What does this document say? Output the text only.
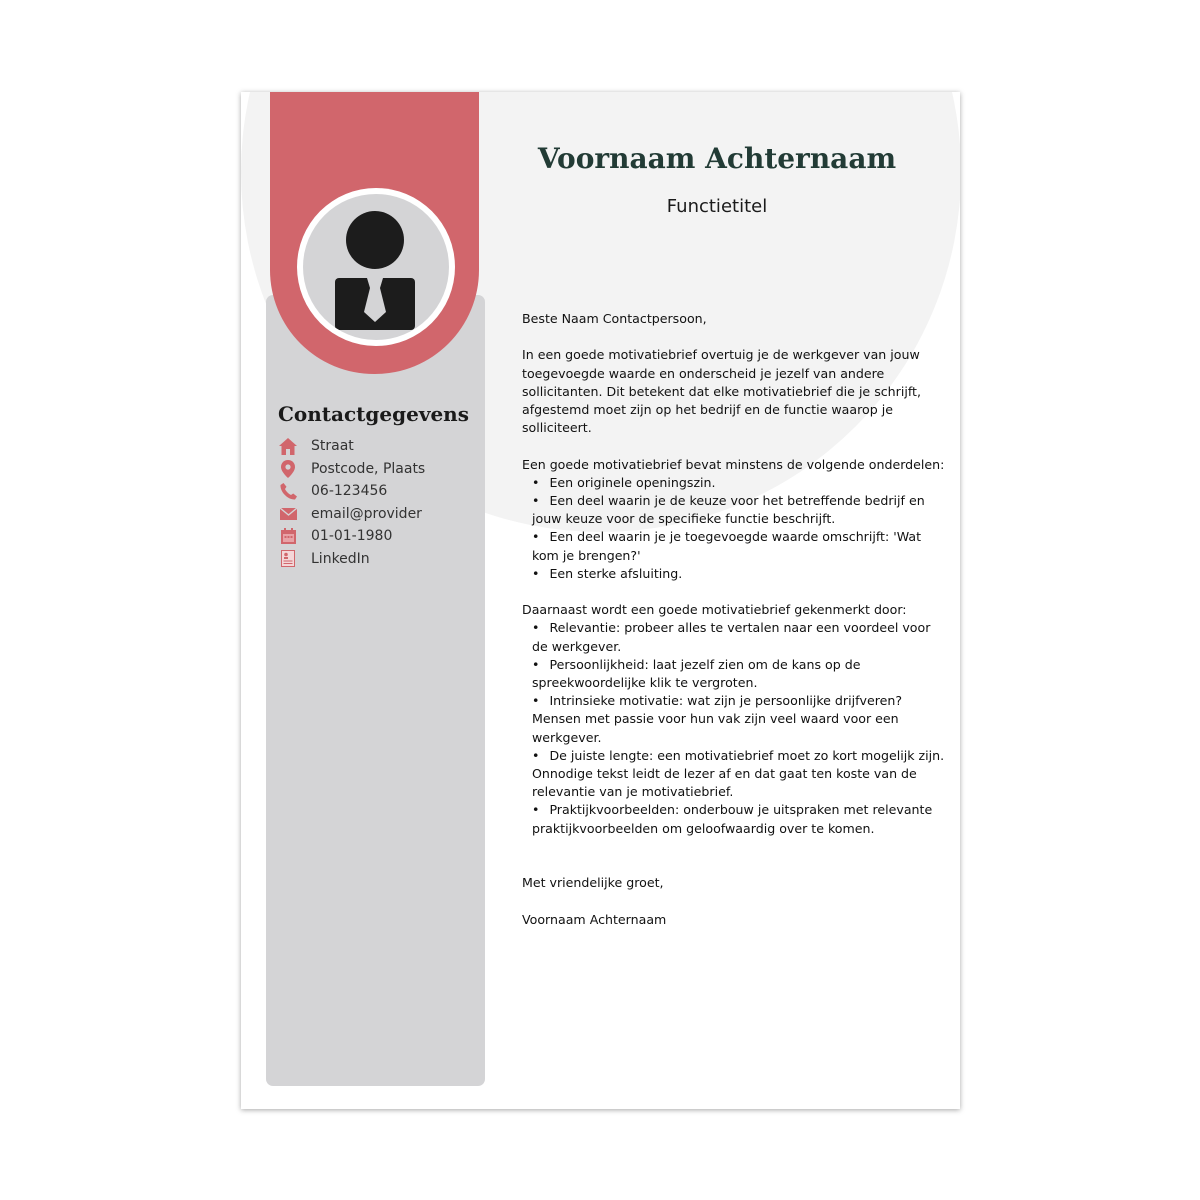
Contactgegevens
Straat
Postcode, Plaats
06-123456
email@provider
01-01-1980
LinkedIn
Voornaam Achternaam
Functietitel

Beste Naam Contactpersoon,

In een goede motivatiebrief overtuig je de werkgever van jouw toegevoegde waarde en onderscheid je jezelf van andere sollicitanten. Dit betekent dat elke motivatiebrief die je schrijft, afgestemd moet zijn op het bedrijf en de functie waarop je solliciteert.

Een goede motivatiebrief bevat minstens de volgende onderdelen:

• Een originele openingszin.
• Een deel waarin je de keuze voor het betreffende bedrijf en jouw keuze voor de specifieke functie beschrijft.
• Een deel waarin je je toegevoegde waarde omschrijft: 'Wat kom je brengen?'
• Een sterke afsluiting.

Daarnaast wordt een goede motivatiebrief gekenmerkt door:

• Relevantie: probeer alles te vertalen naar een voordeel voor de werkgever.
• Persoonlijkheid: laat jezelf zien om de kans op de spreekwoordelijke klik te vergroten.
• Intrinsieke motivatie: wat zijn je persoonlijke drijfveren? Mensen met passie voor hun vak zijn veel waard voor een werkgever.
• De juiste lengte: een motivatiebrief moet zo kort mogelijk zijn. Onnodige tekst leidt de lezer af en dat gaat ten koste van de relevantie van je motivatiebrief.
• Praktijkvoorbeelden: onderbouw je uitspraken met relevante praktijkvoorbeelden om geloofwaardig over te komen.

Met vriendelijke groet,

Voornaam Achternaam
